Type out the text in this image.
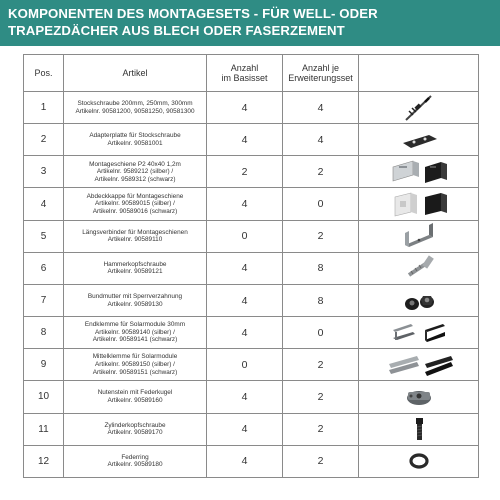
KOMPONENTEN DES MONTAGESETS - FÜR WELL- ODER
TRAPEZDÄCHER AUS BLECH ODER FASERZEMENT
Pos.	Artikel	Anzahl
im Basisset	Anzahl je
Erweiterungsset	

1	Stockschraube 200mm, 250mm, 300mm
Artikelnr. 90581200, 90581250, 90581300	4	4	

2	Adapterplatte für Stockschraube
Artikelnr. 90581001	4	4	

3	Montageschiene P2 40x40 1,2m
Artikelnr. 9589212 (silber) /
Artikelnr. 9589312 (schwarz)	2	2	

4	Abdeckkappe für Montageschiene
Artikelnr. 90589015 (silber) /
Artikelnr. 90589016 (schwarz)	4	0	

5	Längsverbinder für Montageschienen
Artikelnr. 90589110	0	2	

6	Hammerkopfschraube
Artikelnr. 90589121	4	8	

7	Bundmutter mit Sperrverzahnung
Artikelnr. 90589130	4	8	

8	Endklemme für Solarmodule 30mm
Artikelnr. 90589140 (silber) /
Artikelnr. 90589141 (schwarz)	4	0	

9	Mittelklemme für Solarmodule
Artikelnr. 90589150 (silber) /
Artikelnr. 90589151 (schwarz)	0	2	

10	Nutenstein mit Federkugel
Artikelnr. 90589160	4	2	

11	Zylinderkopfschraube
Artikelnr. 90589170	4	2	

12	Federring
Artikelnr. 90589180	4	2	
